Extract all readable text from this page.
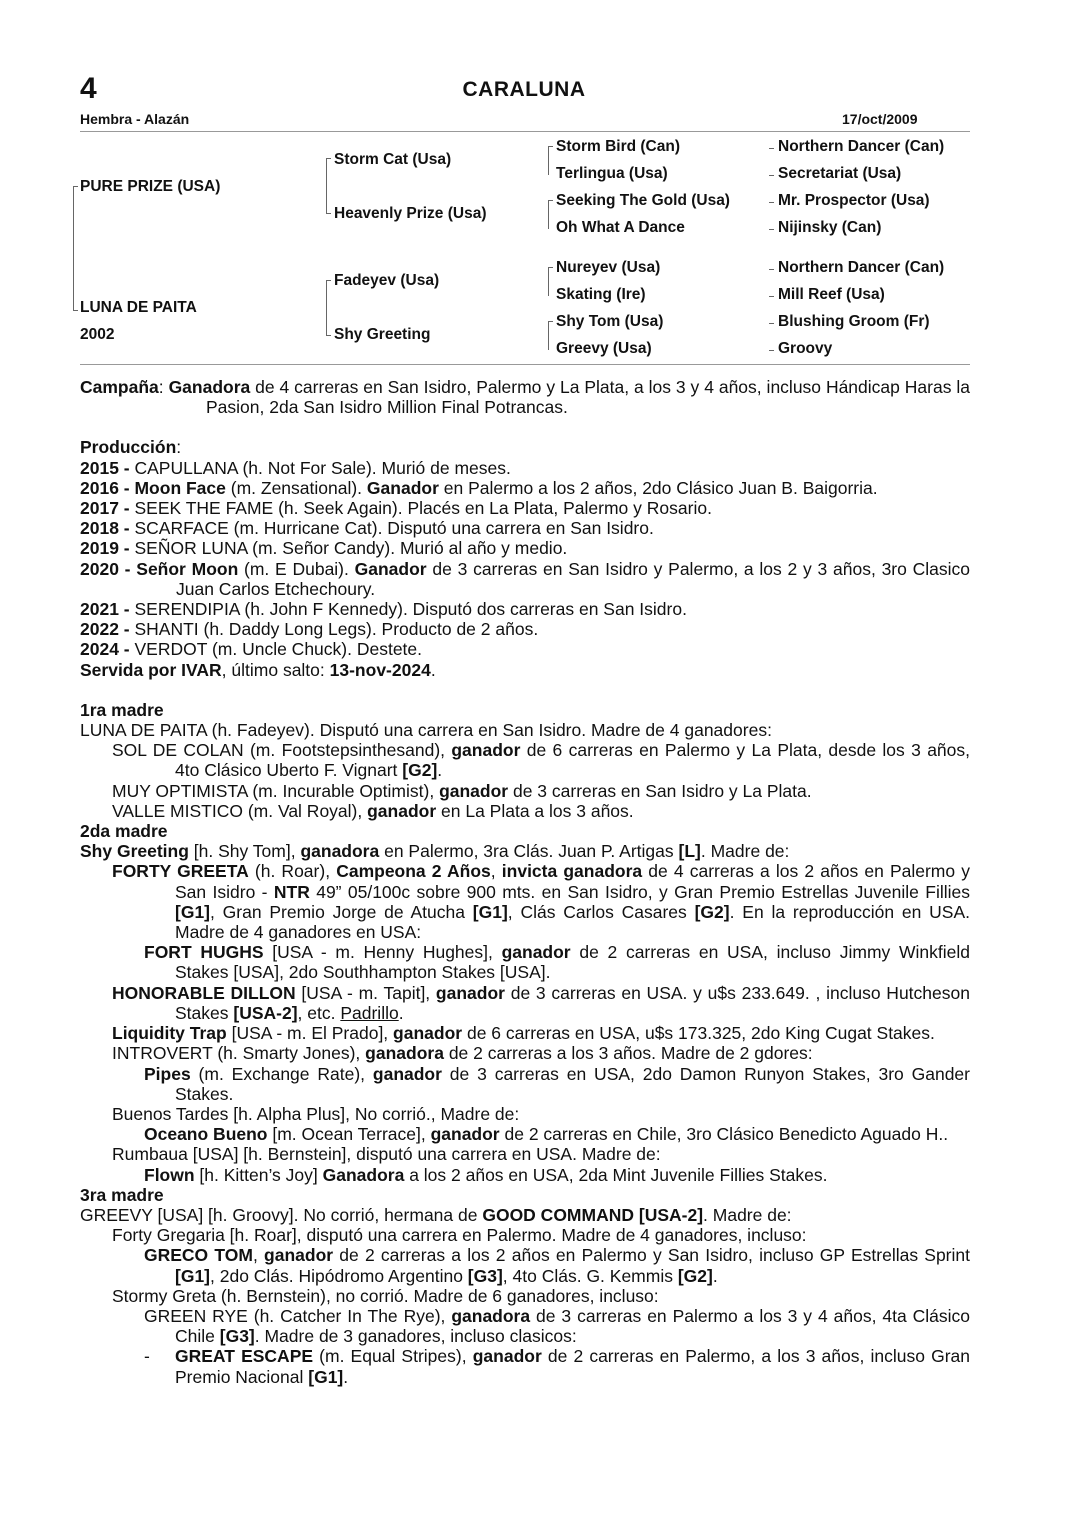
4	CARALUNA
Hembra - Alazán	17/oct/2009
PURE PRIZE (USA)
LUNA DE PAITA
2002
Storm Cat (Usa)
Heavenly Prize (Usa)
Fadeyev (Usa)
Shy Greeting
Storm Bird (Can)
Terlingua (Usa)
Seeking The Gold (Usa)
Oh What A Dance
Nureyev (Usa)
Skating (Ire)
Shy Tom (Usa)
Greevy (Usa)
Northern Dancer (Can)
Secretariat (Usa)
Mr. Prospector (Usa)
Nijinsky (Can)
Northern Dancer (Can)
Mill Reef (Usa)
Blushing Groom (Fr)
Groovy

Campaña: Ganadora de 4 carreras en San Isidro, Palermo y La Plata, a los 3 y 4 años, incluso Hándicap Haras la Pasion, 2da San Isidro Million Final Potrancas.

Producción:

2015 - CAPULLANA (h. Not For Sale). Murió de meses.

2016 - Moon Face (m. Zensational). Ganador en Palermo a los 2 años, 2do Clásico Juan B. Baigorria.

2017 - SEEK THE FAME (h. Seek Again). Placés en La Plata, Palermo y Rosario.

2018 - SCARFACE (m. Hurricane Cat). Disputó una carrera en San Isidro.

2019 - SEÑOR LUNA (m. Señor Candy). Murió al año y medio.

2020 - Señor Moon (m. E Dubai). Ganador de 3 carreras en San Isidro y Palermo, a los 2 y 3 años, 3ro Clasico Juan Carlos Etchechoury.

2021 - SERENDIPIA (h. John F Kennedy). Disputó dos carreras en San Isidro.

2022 - SHANTI (h. Daddy Long Legs). Producto de 2 años.

2024 - VERDOT (m. Uncle Chuck). Destete.

Servida por IVAR, último salto: 13-nov-2024.

1ra madre

LUNA DE PAITA (h. Fadeyev). Disputó una carrera en San Isidro. Madre de 4 ganadores:

SOL DE COLAN (m. Footstepsinthesand), ganador de 6 carreras en Palermo y La Plata, desde los 3 años, 4to Clásico Uberto F. Vignart [G2].

MUY OPTIMISTA (m. Incurable Optimist), ganador de 3 carreras en San Isidro y La Plata.

VALLE MISTICO (m. Val Royal), ganador en La Plata a los 3 años.

2da madre

Shy Greeting [h. Shy Tom], ganadora en Palermo, 3ra Clás. Juan P. Artigas [L]. Madre de:

FORTY GREETA (h. Roar), Campeona 2 Años, invicta ganadora de 4 carreras a los 2 años en Palermo y San Isidro - NTR 49” 05/100c sobre 900 mts. en San Isidro, y Gran Premio Estrellas Juvenile Fillies [G1], Gran Premio Jorge de Atucha [G1], Clás Carlos Casares [G2]. En la reproducción en USA. Madre de 4 ganadores en USA:

FORT HUGHS [USA - m. Henny Hughes], ganador de 2 carreras en USA, incluso Jimmy Winkfield Stakes [USA], 2do Southhampton Stakes [USA].

HONORABLE DILLON [USA - m. Tapit], ganador de 3 carreras en USA. y u$s 233.649. , incluso Hutcheson Stakes [USA-2], etc. Padrillo.

Liquidity Trap [USA - m. El Prado], ganador de 6 carreras en USA, u$s 173.325, 2do King Cugat Stakes.

INTROVERT (h. Smarty Jones), ganadora de 2 carreras a los 3 años. Madre de 2 gdores:

Pipes (m. Exchange Rate), ganador de 3 carreras en USA, 2do Damon Runyon Stakes, 3ro Gander Stakes.

Buenos Tardes [h. Alpha Plus], No corrió., Madre de:

Oceano Bueno [m. Ocean Terrace], ganador de 2 carreras en Chile, 3ro Clásico Benedicto Aguado H..

Rumbaua [USA] [h. Bernstein], disputó una carrera en USA. Madre de:

Flown [h. Kitten’s Joy] Ganadora a los 2 años en USA, 2da Mint Juvenile Fillies Stakes.

3ra madre

GREEVY [USA] [h. Groovy]. No corrió, hermana de GOOD COMMAND [USA-2]. Madre de:

Forty Gregaria [h. Roar], disputó una carrera en Palermo. Madre de 4 ganadores, incluso:

GRECO TOM, ganador de 2 carreras a los 2 años en Palermo y San Isidro, incluso GP Estrellas Sprint [G1], 2do Clás. Hipódromo Argentino [G3], 4to Clás. G. Kemmis [G2].

Stormy Greta (h. Bernstein), no corrió. Madre de 6 ganadores, incluso:

GREEN RYE (h. Catcher In The Rye), ganadora de 3 carreras en Palermo a los 3 y 4 años, 4ta Clásico Chile [G3]. Madre de 3 ganadores, incluso clasicos:

- GREAT ESCAPE (m. Equal Stripes), ganador de 2 carreras en Palermo, a los 3 años, incluso Gran Premio Nacional [G1].
